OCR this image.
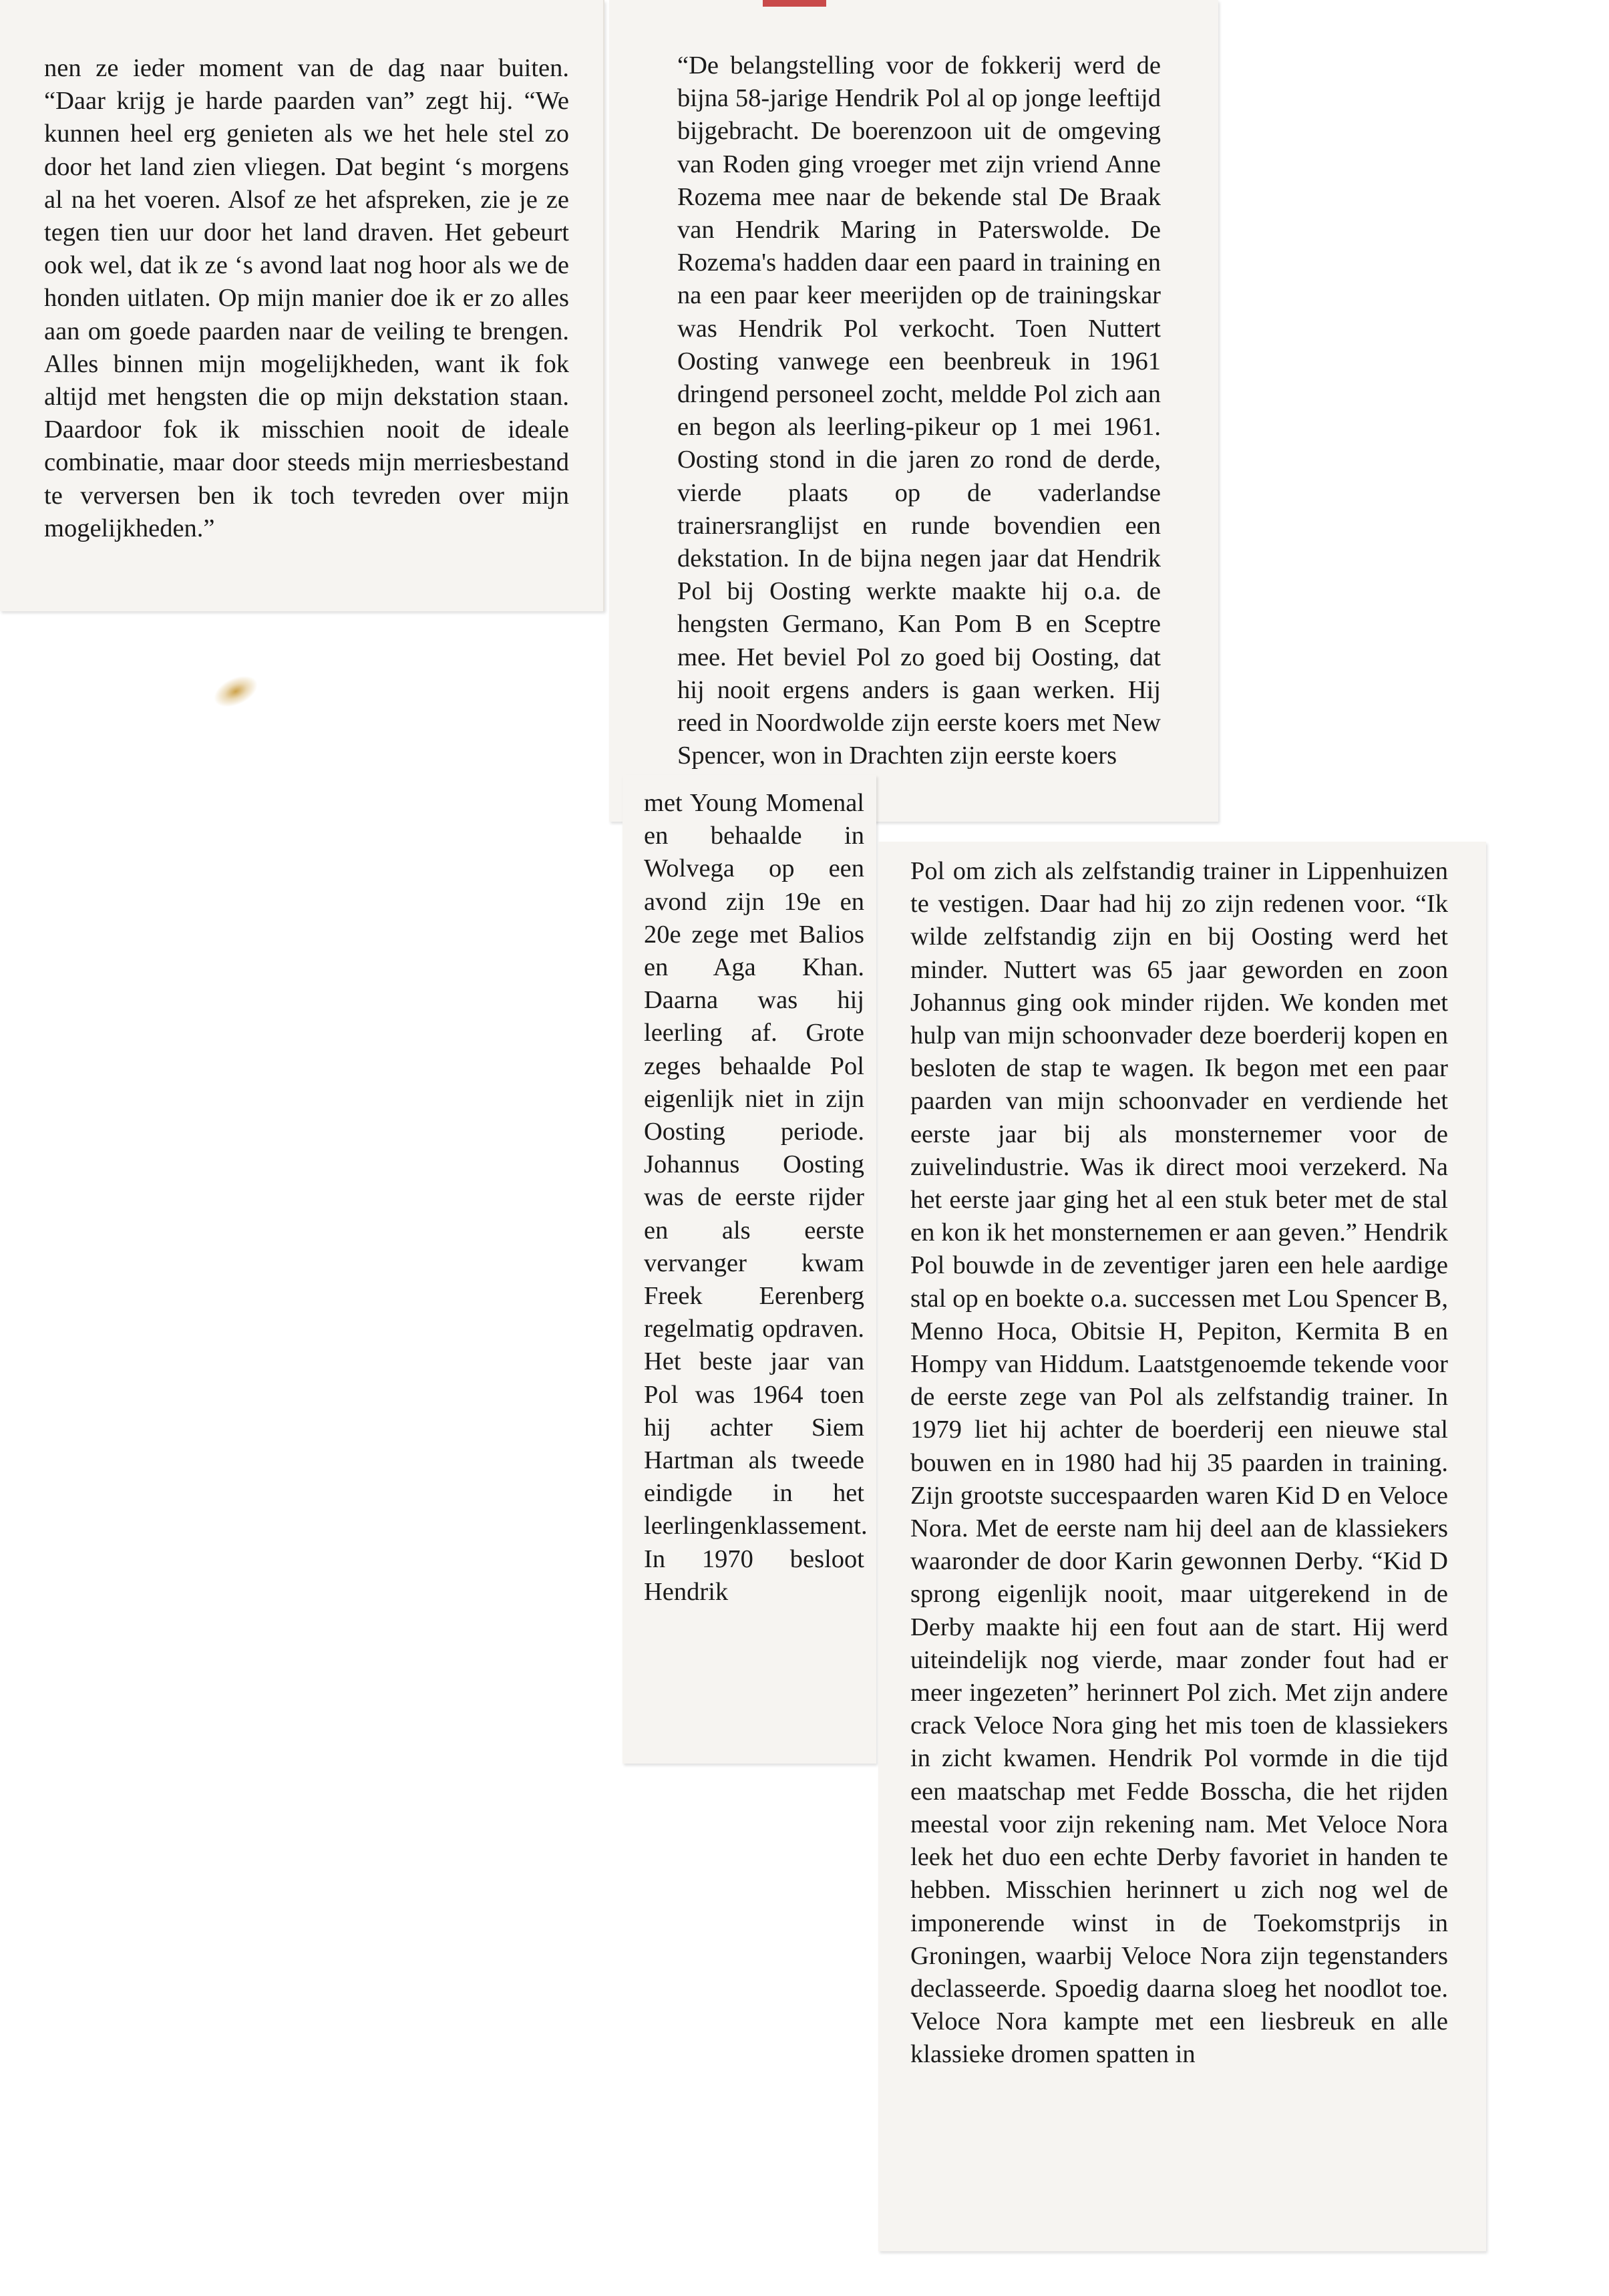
nen ze ieder moment van de dag naar buiten. “Daar krijg je harde paarden van” zegt hij. “We kunnen heel erg genieten als we het hele stel zo door het land zien vliegen. Dat begint ‘s morgens al na het voeren. Alsof ze het afspreken, zie je ze tegen tien uur door het land draven. Het gebeurt ook wel, dat ik ze ‘s avond laat nog hoor als we de honden uitlaten. Op mijn manier doe ik er zo alles aan om goede paarden naar de veiling te brengen. Alles binnen mijn mogelijkheden, want ik fok altijd met hengsten die op mijn dekstation staan. Daardoor fok ik misschien nooit de ideale combinatie, maar door steeds mijn merriesbestand te verversen ben ik toch tevreden over mijn mogelijkheden.”

“De belangstelling voor de fokkerij werd de bijna 58-jarige Hendrik Pol al op jonge leeftijd bijgebracht. De boerenzoon uit de omgeving van Roden ging vroeger met zijn vriend Anne Rozema mee naar de bekende stal De Braak van Hendrik Maring in Paterswolde. De Rozema's hadden daar een paard in training en na een paar keer meerijden op de trainingskar was Hendrik Pol verkocht. Toen Nuttert Oosting vanwege een beenbreuk in 1961 dringend personeel zocht, meldde Pol zich aan en begon als leerling-pikeur op 1 mei 1961. Oosting stond in die jaren zo rond de derde, vierde plaats op de vaderlandse trainersranglijst en runde bovendien een dekstation. In de bijna negen jaar dat Hendrik Pol bij Oosting werkte maakte hij o.a. de hengsten Germano, Kan Pom B en Sceptre mee. Het beviel Pol zo goed bij Oosting, dat hij nooit ergens anders is gaan werken. Hij reed in Noordwolde zijn eerste koers met New Spencer, won in Drachten zijn eerste koers

met Young Momenal en behaalde in Wolvega op een avond zijn 19e en 20e zege met Balios en Aga Khan. Daarna was hij leerling af. Grote zeges behaalde Pol eigenlijk niet in zijn Oosting periode. Johannus Oosting was de eerste rijder en als eerste vervanger kwam Freek Eerenberg regelmatig opdraven. Het beste jaar van Pol was 1964 toen hij achter Siem Hartman als tweede eindigde in het leerlingenklassement. In 1970 besloot Hendrik

Pol om zich als zelfstandig trainer in Lippenhuizen te vestigen. Daar had hij zo zijn redenen voor. “Ik wilde zelfstandig zijn en bij Oosting werd het minder. Nuttert was 65 jaar geworden en zoon Johannus ging ook minder rijden. We konden met hulp van mijn schoonvader deze boerderij kopen en besloten de stap te wagen. Ik begon met een paar paarden van mijn schoonvader en verdiende het eerste jaar bij als monsternemer voor de zuivelindustrie. Was ik direct mooi verzekerd. Na het eerste jaar ging het al een stuk beter met de stal en kon ik het monsternemen er aan geven.” Hendrik Pol bouwde in de zeventiger jaren een hele aardige stal op en boekte o.a. successen met Lou Spencer B, Menno Hoca, Obitsie H, Pepiton, Kermita B en Hompy van Hiddum. Laatstgenoemde tekende voor de eerste zege van Pol als zelfstandig trainer. In 1979 liet hij achter de boerderij een nieuwe stal bouwen en in 1980 had hij 35 paarden in training. Zijn grootste succespaarden waren Kid D en Veloce Nora. Met de eerste nam hij deel aan de klassiekers waaronder de door Karin gewonnen Derby. “Kid D sprong eigenlijk nooit, maar uitgerekend in de Derby maakte hij een fout aan de start. Hij werd uiteindelijk nog vierde, maar zonder fout had er meer ingezeten” herinnert Pol zich. Met zijn andere crack Veloce Nora ging het mis toen de klassiekers in zicht kwamen. Hendrik Pol vormde in die tijd een maatschap met Fedde Bosscha, die het rijden meestal voor zijn rekening nam. Met Veloce Nora leek het duo een echte Derby favoriet in handen te hebben. Misschien herinnert u zich nog wel de imponerende winst in de Toekomstprijs in Groningen, waarbij Veloce Nora zijn tegenstanders declasseerde. Spoedig daarna sloeg het noodlot toe. Veloce Nora kampte met een liesbreuk en alle klassieke dromen spatten in
